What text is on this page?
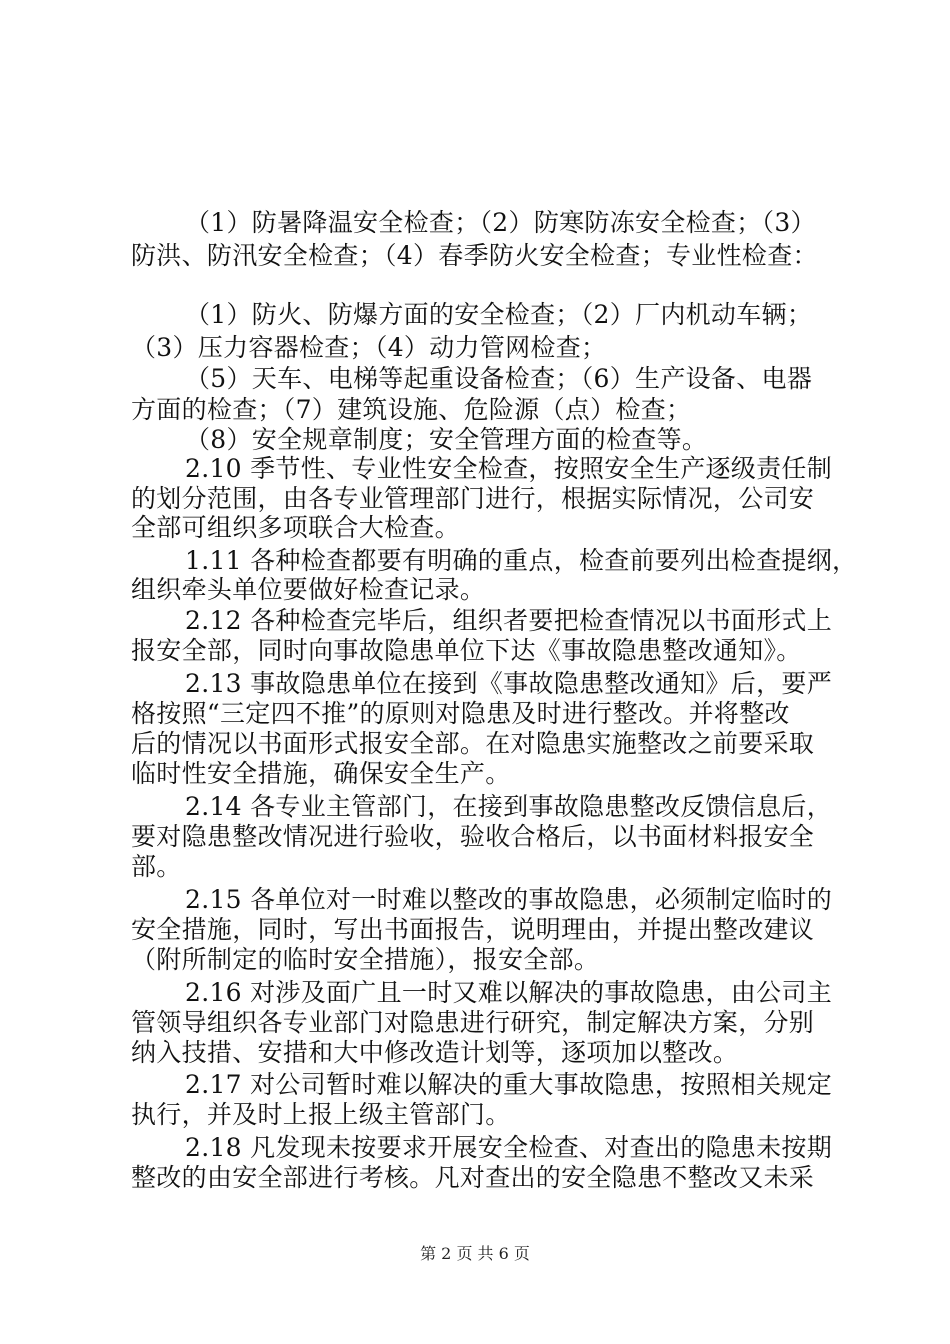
（1）防暑降温安全检查；（2）防寒防冻安全检查；（3）
防洪、防汛安全检查；（4）春季防火安全检查；专业性检查：
（1）防火、防爆方面的安全检查；（2）厂内机动车辆；
（3）压力容器检查；（4）动力管网检查；
（5）天车、电梯等起重设备检查；（6）生产设备、电器
方面的检查；（7）建筑设施、危险源（点）检查；
（8）安全规章制度；安全管理方面的检查等。
2.10 季节性、专业性安全检查，按照安全生产逐级责任制
的划分范围，由各专业管理部门进行，根据实际情况，公司安
全部可组织多项联合大检查。
1.11 各种检查都要有明确的重点，检查前要列出检查提纲，
组织牵头单位要做好检查记录。
2.12 各种检查完毕后，组织者要把检查情况以书面形式上
报安全部，同时向事故隐患单位下达《事故隐患整改通知》。
2.13 事故隐患单位在接到《事故隐患整改通知》后，要严
格按照“三定四不推”的原则对隐患及时进行整改。并将整改
后的情况以书面形式报安全部。在对隐患实施整改之前要采取
临时性安全措施，确保安全生产。
2.14 各专业主管部门，在接到事故隐患整改反馈信息后，
要对隐患整改情况进行验收，验收合格后，以书面材料报安全
部。
2.15 各单位对一时难以整改的事故隐患，必须制定临时的
安全措施，同时，写出书面报告，说明理由，并提出整改建议
（附所制定的临时安全措施），报安全部。
2.16 对涉及面广且一时又难以解决的事故隐患，由公司主
管领导组织各专业部门对隐患进行研究，制定解决方案，分别
纳入技措、安措和大中修改造计划等，逐项加以整改。
2.17 对公司暂时难以解决的重大事故隐患，按照相关规定
执行，并及时上报上级主管部门。
2.18 凡发现未按要求开展安全检查、对查出的隐患未按期
整改的由安全部进行考核。凡对查出的安全隐患不整改又未采
第 2 页 共 6 页
